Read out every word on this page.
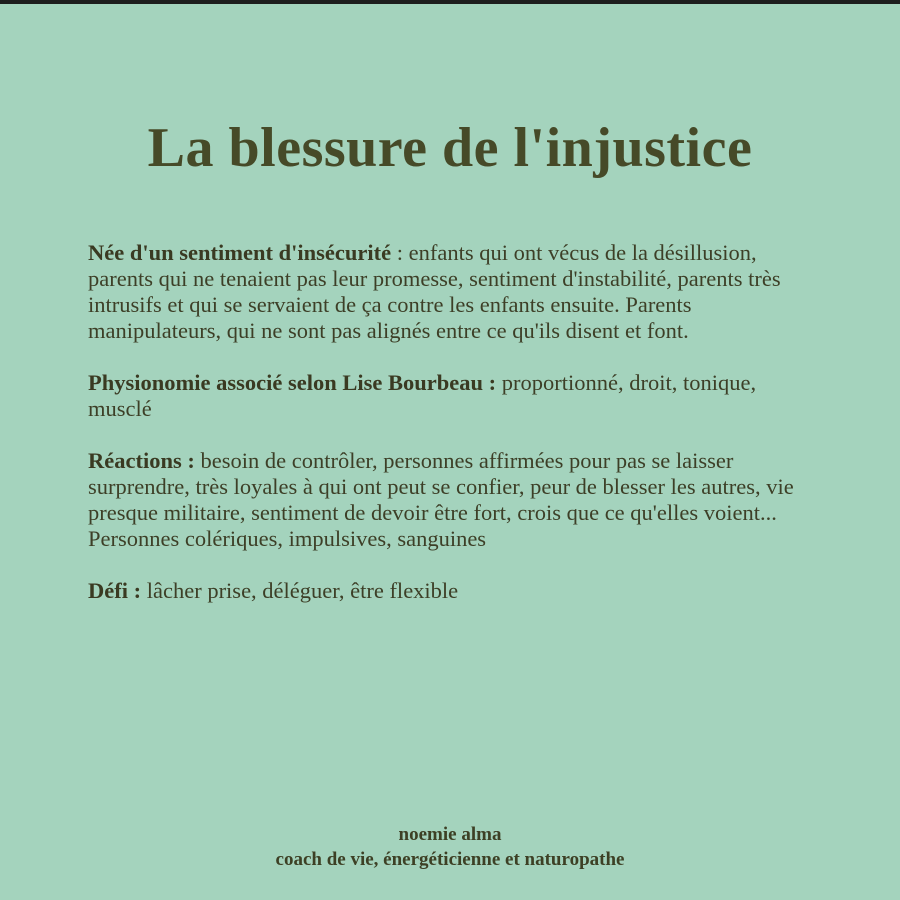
La blessure de l'injustice

Née d'un sentiment d'insécurité : enfants qui ont vécus de la désillusion, parents qui ne tenaient pas leur promesse, sentiment d'instabilité, parents très intrusifs et qui se servaient de ça contre les enfants ensuite. Parents manipulateurs, qui ne sont pas alignés entre ce qu'ils disent et font.

Physionomie associé selon Lise Bourbeau : proportionné, droit, tonique, musclé

Réactions : besoin de contrôler, personnes affirmées pour pas se laisser surprendre, très loyales à qui ont peut se confier, peur de blesser les autres, vie presque militaire, sentiment de devoir être fort, crois que ce qu'elles voient... Personnes colériques, impulsives, sanguines

Défi : lâcher prise, déléguer, être flexible

noemie alma
coach de vie, énergéticienne et naturopathe
